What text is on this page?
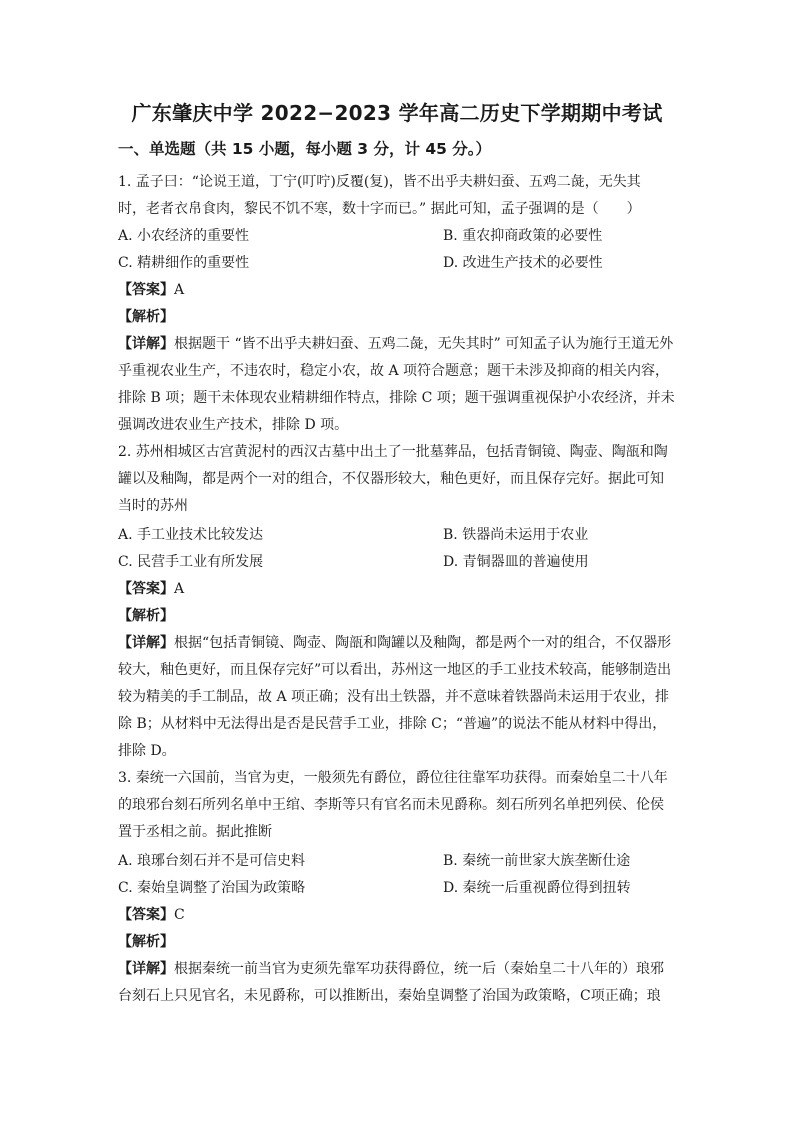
广东肇庆中学 2022−2023 学年高二历史下学期期中考试
一、单选题（共 15 小题，每小题 3 分，计 45 分。）
1. 孟子曰：“论说王道，丁宁(叮咛)反覆(复)，皆不出乎夫耕妇蚕、五鸡二彘，无失其
时，老者衣帛食肉，黎民不饥不寒，数十字而已。” 据此可知，孟子强调的是（　　）
A. 小农经济的重要性	B. 重农抑商政策的必要性
C. 精耕细作的重要性	D. 改进生产技术的必要性
【答案】A
【解析】
【详解】根据题干 “皆不出乎夫耕妇蚕、五鸡二彘，无失其时” 可知孟子认为施行王道无外
乎重视农业生产，不违农时，稳定小农，故 A 项符合题意；题干未涉及抑商的相关内容，
排除 B 项；题干未体现农业精耕细作特点，排除 C 项；题干强调重视保护小农经济，并未
强调改进农业生产技术，排除 D 项。
2. 苏州相城区古宫黄泥村的西汉古墓中出土了一批墓葬品，包括青铜镜、陶壶、陶瓿和陶
罐以及釉陶，都是两个一对的组合，不仅器形较大，釉色更好，而且保存完好。据此可知
当时的苏州
A. 手工业技术比较发达	B. 铁器尚未运用于农业
C. 民营手工业有所发展	D. 青铜器皿的普遍使用
【答案】A
【解析】
【详解】根据“包括青铜镜、陶壶、陶瓿和陶罐以及釉陶，都是两个一对的组合，不仅器形
较大，釉色更好，而且保存完好”可以看出，苏州这一地区的手工业技术较高，能够制造出
较为精美的手工制品，故 A 项正确；没有出土铁器，并不意味着铁器尚未运用于农业，排
除 B；从材料中无法得出是否是民营手工业，排除 C；“普遍”的说法不能从材料中得出，
排除 D。
3. 秦统一六国前，当官为吏，一般须先有爵位，爵位往往靠军功获得。而秦始皇二十八年
的琅邪台刻石所列名单中王绾、李斯等只有官名而未见爵称。刻石所列名单把列侯、伦侯
置于丞相之前。据此推断
A. 琅琊台刻石并不是可信史料	B. 秦统一前世家大族垄断仕途
C. 秦始皇调整了治国为政策略	D. 秦统一后重视爵位得到扭转
【答案】C
【解析】
【详解】根据秦统一前当官为吏须先靠军功获得爵位，统一后（秦始皇二十八年的）琅邪
台刻石上只见官名，未见爵称，可以推断出，秦始皇调整了治国为政策略，C项正确；琅
